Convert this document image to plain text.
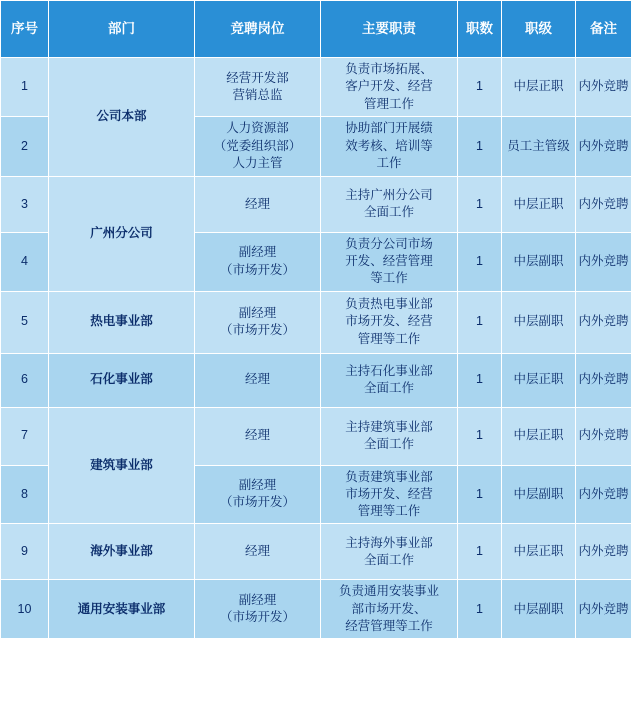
序号	部门	竞聘岗位	主要职责	职数	职级	备注
1	公司本部	经营开发部
营销总监	负责市场拓展、
客户开发、经营
管理工作	1	中层正职	内外竞聘
2		人力资源部
（党委组织部）
人力主管	协助部门开展绩
效考核、培训等
工作	1	员工主管级	内外竞聘
3	广州分公司	经理	主持广州分公司
全面工作	1	中层正职	内外竞聘
4		副经理
（市场开发）	负责分公司市场
开发、经营管理
等工作	1	中层副职	内外竞聘
5	热电事业部	副经理
（市场开发）	负责热电事业部
市场开发、经营
管理等工作	1	中层副职	内外竞聘
6	石化事业部	经理	主持石化事业部
全面工作	1	中层正职	内外竞聘
7	建筑事业部	经理	主持建筑事业部
全面工作	1	中层正职	内外竞聘
8		副经理
（市场开发）	负责建筑事业部
市场开发、经营
管理等工作	1	中层副职	内外竞聘
9	海外事业部	经理	主持海外事业部
全面工作	1	中层正职	内外竞聘
10	通用安装事业部	副经理
（市场开发）	负责通用安装事业
部市场开发、
经营管理等工作	1	中层副职	内外竞聘
